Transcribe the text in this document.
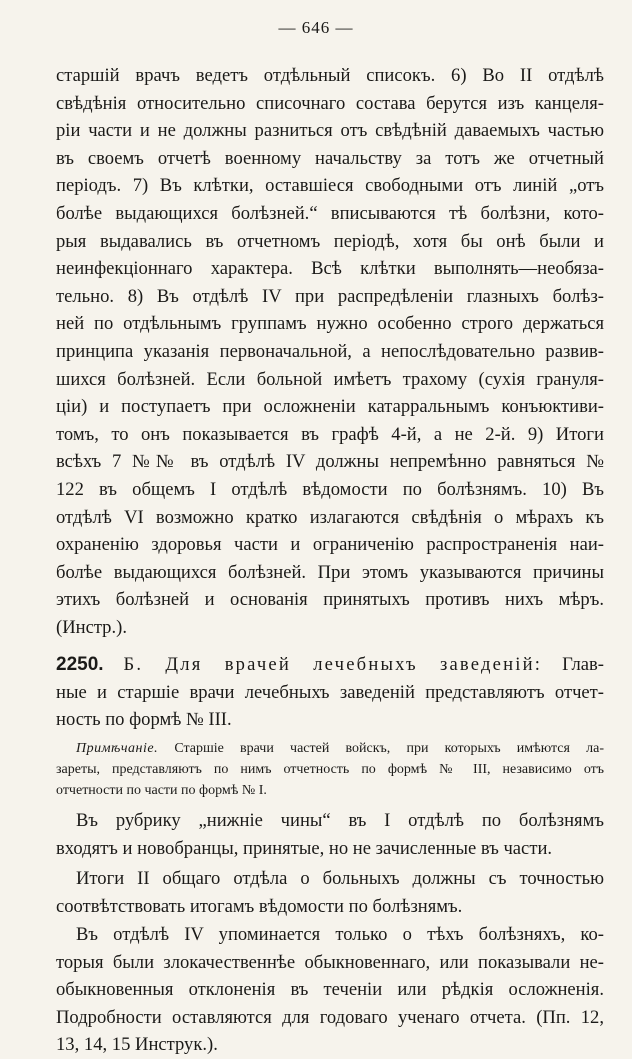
— 646 —
старшій врачъ ведетъ отдѣльный списокъ. 6) Во II отдѣлѣ
свѣдѣнія относительно списочнаго состава берутся изъ канцеля-
ріи части и не должны разниться отъ свѣдѣній даваемыхъ частью
въ своемъ отчетѣ военному начальству за тотъ же отчетный
періодъ. 7) Въ клѣтки, оставшіеся свободными отъ линій „отъ
болѣе выдающихся болѣзней.“ вписываются тѣ болѣзни, кото-
рыя выдавались въ отчетномъ періодѣ, хотя бы онѣ были и
неинфекціоннаго характера. Всѣ клѣтки выполнять—необяза-
тельно. 8) Въ отдѣлѣ IV при распредѣленіи глазныхъ болѣз-
ней по отдѣльнымъ группамъ нужно особенно строго держаться
принципа указанія первоначальной, а непослѣдовательно развив-
шихся болѣзней. Если больной имѣетъ трахому (сухія грануля-
ціи) и поступаетъ при осложненіи катарральнымъ конъюктиви-
томъ, то онъ показывается въ графѣ 4-й, а не 2-й. 9) Итоги
всѣхъ 7 №№ въ отдѣлѣ IV должны непремѣнно равняться №
122 въ общемъ I отдѣлѣ вѣдомости по болѣзнямъ. 10) Въ
отдѣлѣ VI возможно кратко излагаются свѣдѣнія о мѣрахъ къ
охраненію здоровья части и ограниченію распространенія наи-
болѣе выдающихся болѣзней. При этомъ указываются причины
этихъ болѣзней и основанія принятыхъ противъ нихъ мѣръ.
(Инстр.).
2250. Б. Для врачей лечебныхъ заведеній: Глав-
ные и старшіе врачи лечебныхъ заведеній представляютъ отчет-
ность по формѣ № III.
Примѣчаніе. Старшіе врачи частей войскъ, при которыхъ имѣются ла-
зареты, представляютъ по нимъ отчетность по формѣ № III, независимо отъ
отчетности по части по формѣ № I.
Въ рубрику „нижніе чины“ въ I отдѣлѣ по болѣзнямъ
входятъ и новобранцы, принятые, но не зачисленные въ части.
Итоги II общаго отдѣла о больныхъ должны съ точностью
соотвѣтствовать итогамъ вѣдомости по болѣзнямъ.
Въ отдѣлѣ IV упоминается только о тѣхъ болѣзняхъ, ко-
торыя были злокачественнѣе обыкновеннаго, или показывали не-
обыкновенныя отклоненія въ теченіи или рѣдкія осложненія.
Подробности оставляются для годоваго ученаго отчета. (Пп. 12,
13, 14, 15 Инструк.).
